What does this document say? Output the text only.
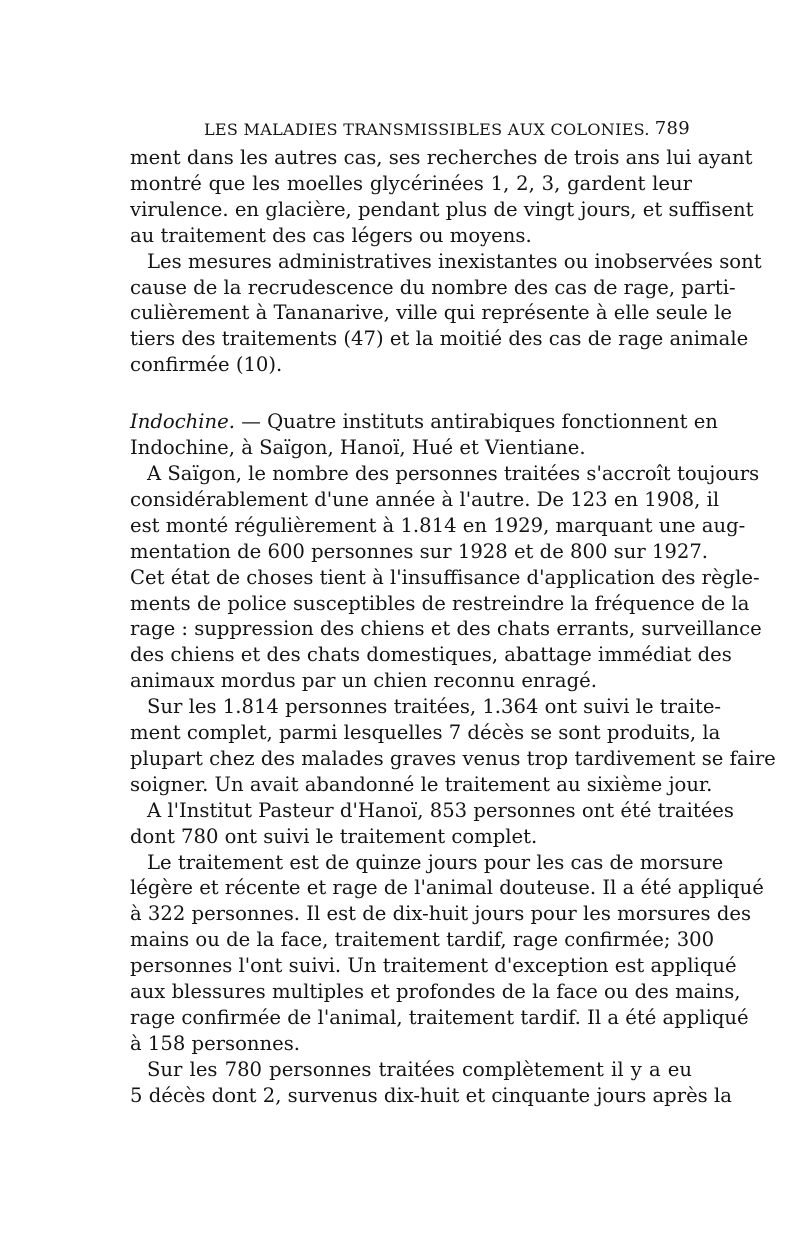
LES MALADIES TRANSMISSIBLES AUX COLONIES. 789
ment dans les autres cas, ses recherches de trois ans lui ayant
montré que les moelles glycérinées 1, 2, 3, gardent leur
virulence. en glacière, pendant plus de vingt jours, et suffisent
au traitement des cas légers ou moyens.
Les mesures administratives inexistantes ou inobservées sont
cause de la recrudescence du nombre des cas de rage, parti-
culièrement à Tananarive, ville qui représente à elle seule le
tiers des traitements (47) et la moitié des cas de rage animale
confirmée (10).
Indochine. — Quatre instituts antirabiques fonctionnent en
Indochine, à Saïgon, Hanoï, Hué et Vientiane.
A Saïgon, le nombre des personnes traitées s'accroît toujours
considérablement d'une année à l'autre. De 123 en 1908, il
est monté régulièrement à 1.814 en 1929, marquant une aug-
mentation de 600 personnes sur 1928 et de 800 sur 1927.
Cet état de choses tient à l'insuffisance d'application des règle-
ments de police susceptibles de restreindre la fréquence de la
rage : suppression des chiens et des chats errants, surveillance
des chiens et des chats domestiques, abattage immédiat des
animaux mordus par un chien reconnu enragé.
Sur les 1.814 personnes traitées, 1.364 ont suivi le traite-
ment complet, parmi lesquelles 7 décès se sont produits, la
plupart chez des malades graves venus trop tardivement se faire
soigner. Un avait abandonné le traitement au sixième jour.
A l'Institut Pasteur d'Hanoï, 853 personnes ont été traitées
dont 780 ont suivi le traitement complet.
Le traitement est de quinze jours pour les cas de morsure
légère et récente et rage de l'animal douteuse. Il a été appliqué
à 322 personnes. Il est de dix-huit jours pour les morsures des
mains ou de la face, traitement tardif, rage confirmée; 300
personnes l'ont suivi. Un traitement d'exception est appliqué
aux blessures multiples et profondes de la face ou des mains,
rage confirmée de l'animal, traitement tardif. Il a été appliqué
à 158 personnes.
Sur les 780 personnes traitées complètement il y a eu
5 décès dont 2, survenus dix-huit et cinquante jours après la
